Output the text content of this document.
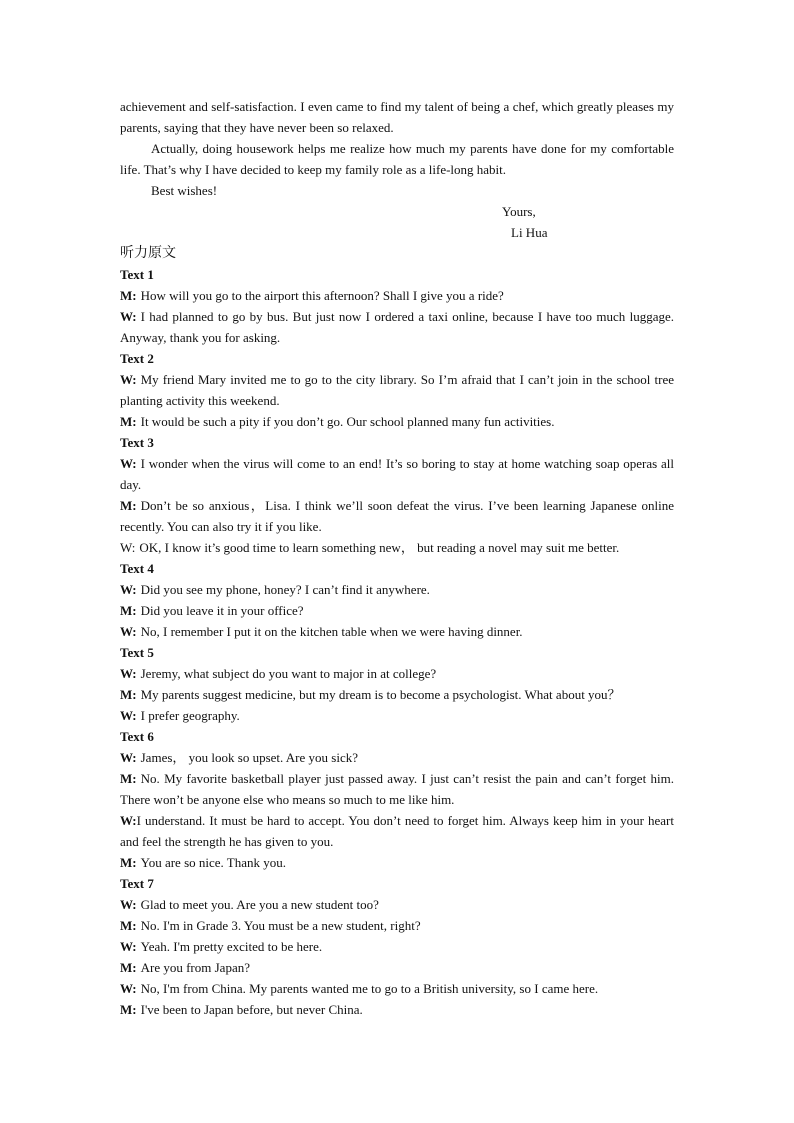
achievement and self-satisfaction. I even came to find my talent of being a chef, which greatly pleases my parents, saying that they have never been so relaxed.

Actually, doing housework helps me realize how much my parents have done for my comfortable life. That’s why I have decided to keep my family role as a life-long habit.

Best wishes!

Yours,

Li Hua

听力原文

Text 1

M: How will you go to the airport this afternoon? Shall I give you a ride?

W: I had planned to go by bus. But just now I ordered a taxi online, because I have too much luggage. Anyway, thank you for asking.

Text 2

W: My friend Mary invited me to go to the city library. So I’m afraid that I can’t join in the school tree planting activity this weekend.

M: It would be such a pity if you don’t go. Our school planned many fun activities.

Text 3

W: I wonder when the virus will come to an end! It’s so boring to stay at home watching soap operas all day.

M: Don’t be so anxious，Lisa. I think we’ll soon defeat the virus. I’ve been learning Japanese online recently. You can also try it if you like.

W: OK, I know it’s good time to learn something new， but reading a novel may suit me better.

Text 4

W: Did you see my phone, honey? I can’t find it anywhere.

M: Did you leave it in your office?

W: No, I remember I put it on the kitchen table when we were having dinner.

Text 5

W: Jeremy, what subject do you want to major in at college?

M: My parents suggest medicine, but my dream is to become a psychologist. What about you？

W: I prefer geography.

Text 6

W: James， you look so upset. Are you sick?

M: No. My favorite basketball player just passed away. I just can’t resist the pain and can’t forget him. There won’t be anyone else who means so much to me like him.

W:I understand. It must be hard to accept. You don’t need to forget him. Always keep him in your heart and feel the strength he has given to you.

M: You are so nice. Thank you.

Text 7

W: Glad to meet you. Are you a new student too?

M: No. I'm in Grade 3. You must be a new student, right?

W: Yeah. I'm pretty excited to be here.

M: Are you from Japan?

W: No, I'm from China. My parents wanted me to go to a British university, so I came here.

M: I've been to Japan before, but never China.
